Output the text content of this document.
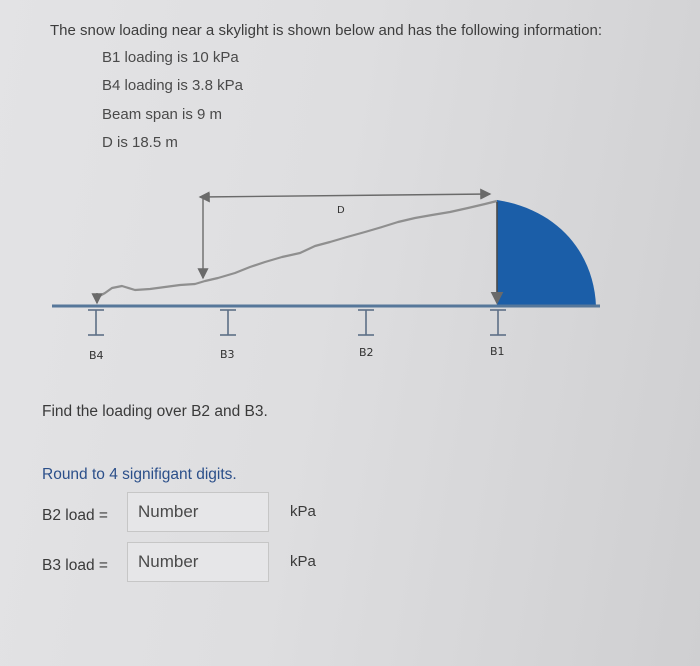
The snow loading near a skylight is shown below and has the following information:
B1 loading is 10 kPa
B4 loading is 3.8 kPa
Beam span is 9 m
D is 18.5 m
D
B4	B3	B2	B1
Find the loading over B2 and B3.
Round to 4 signifigant digits.
B2 load =
Number	kPa
B3 load =
Number	kPa
